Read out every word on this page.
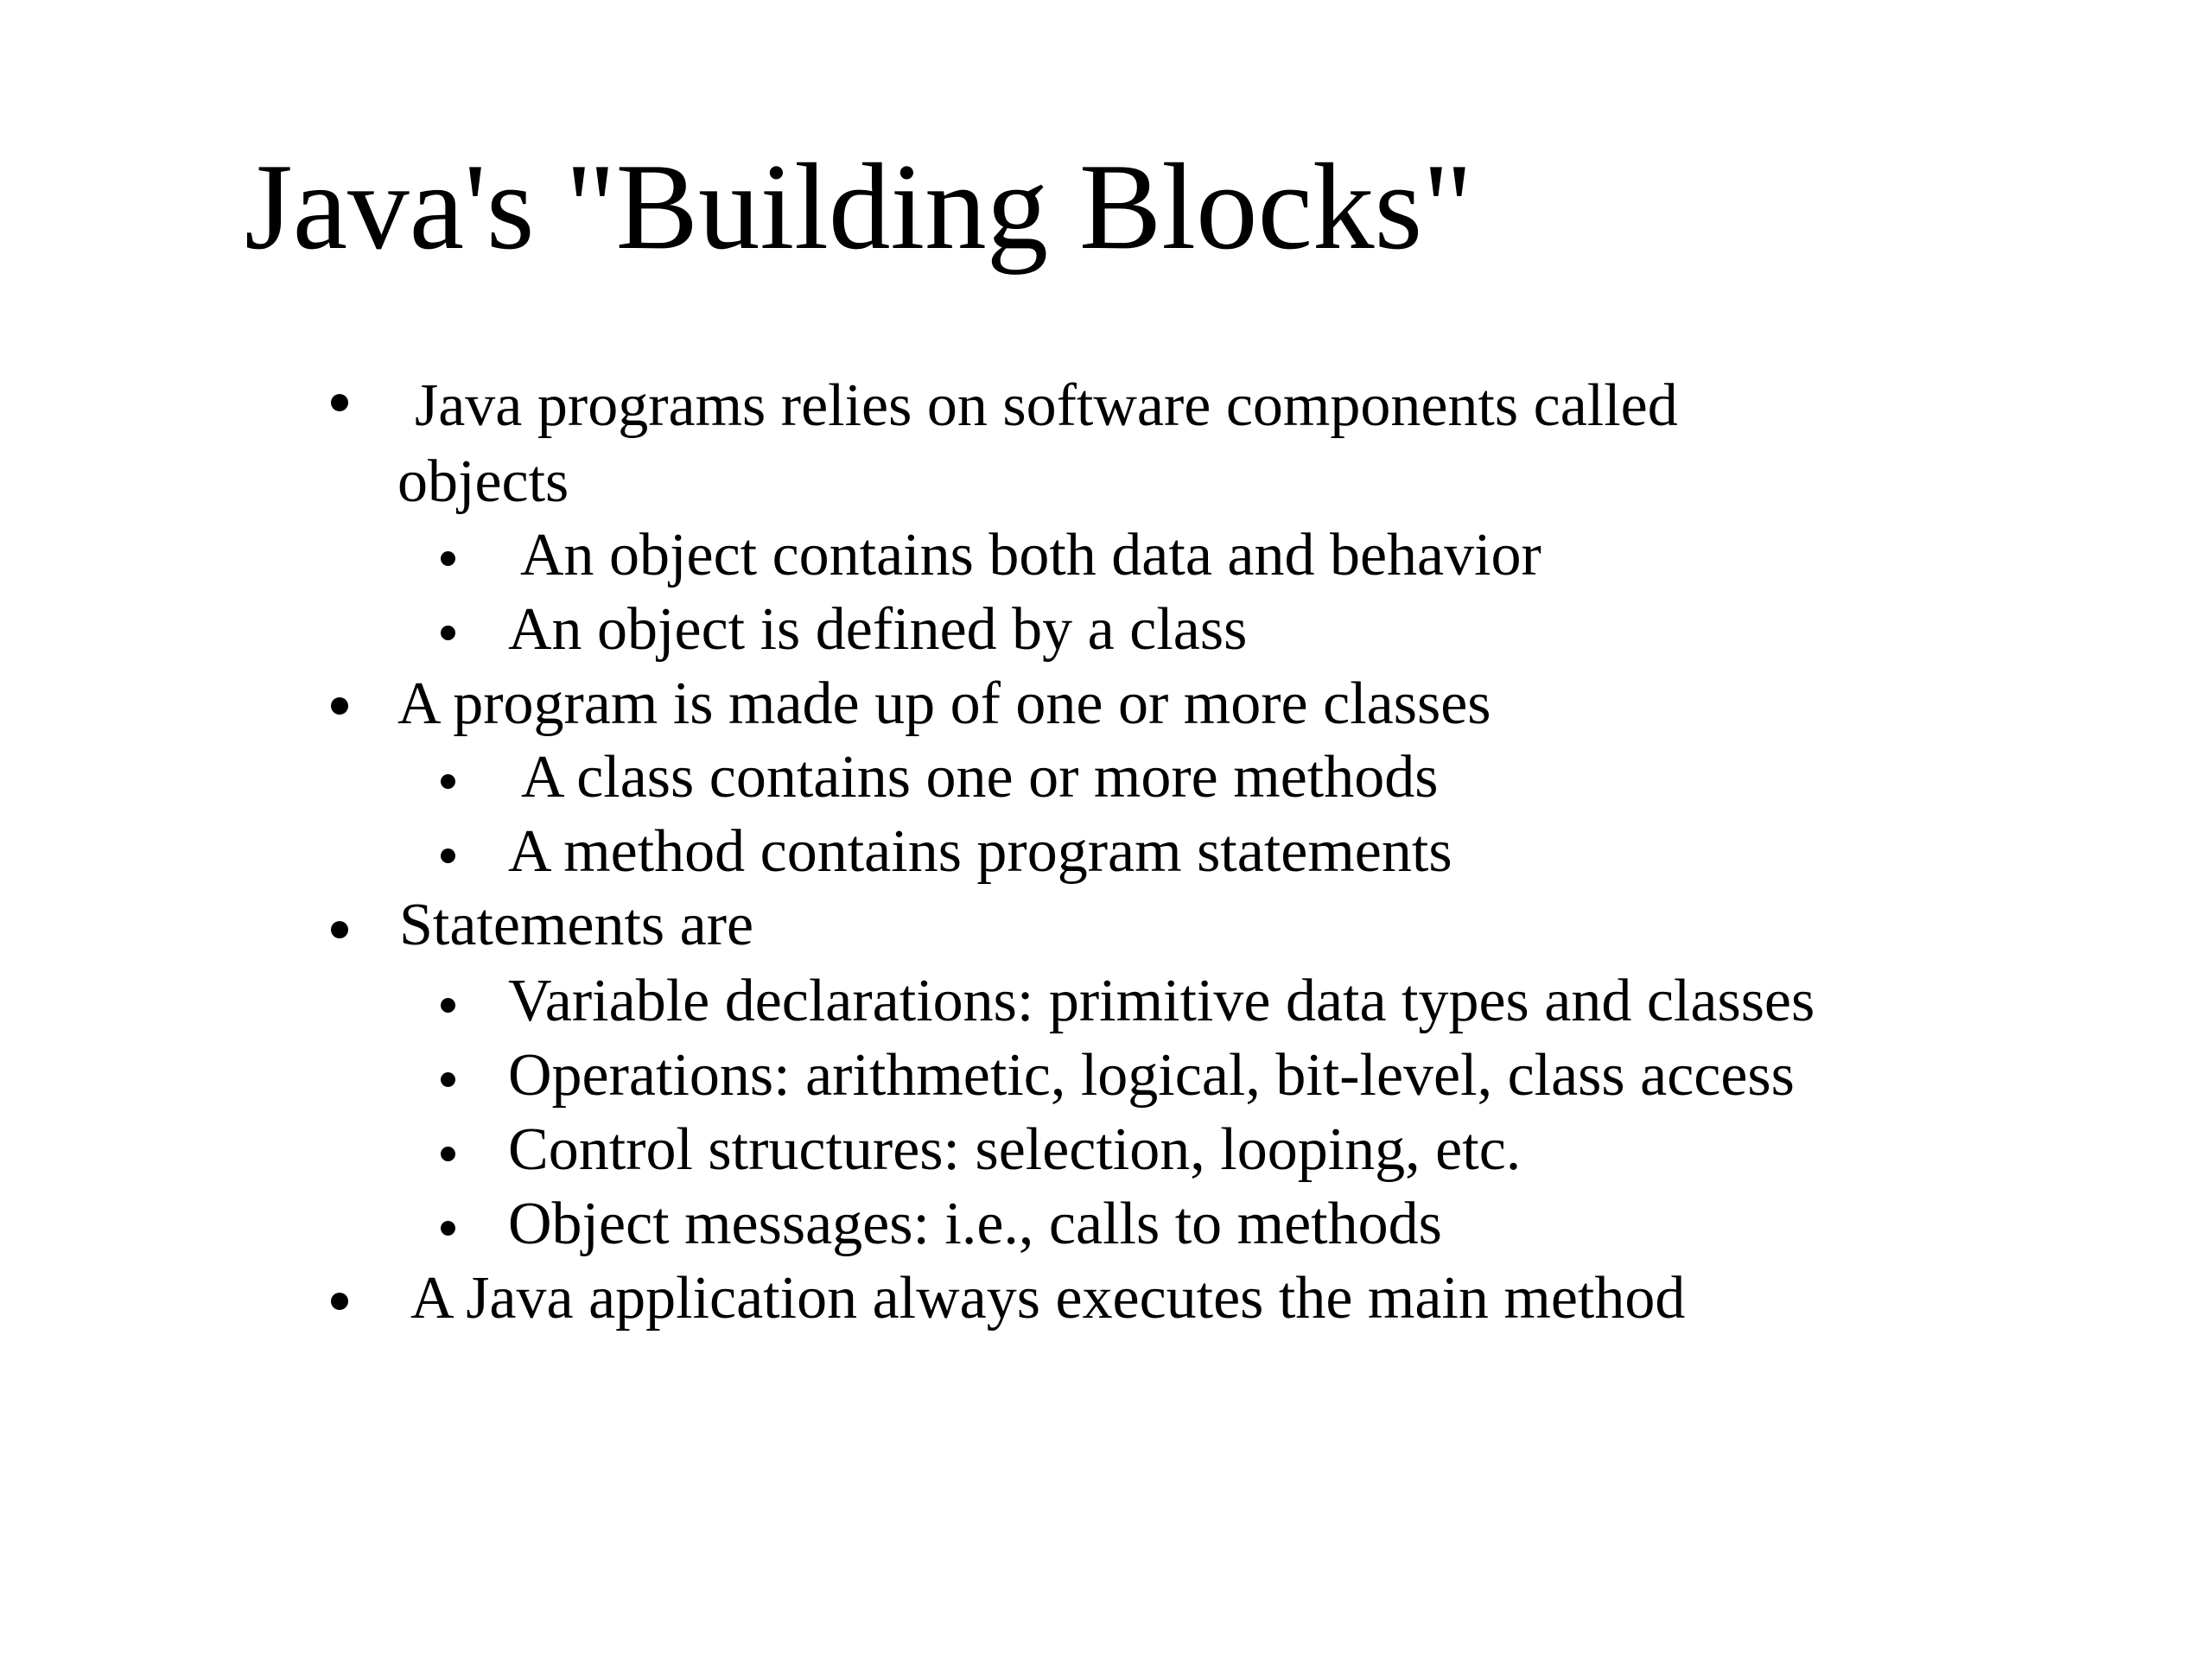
Java's "Building Blocks"
Java programs relies on software components called
objects
An object contains both data and behavior
An object is defined by a class
A program is made up of one or more classes
A class contains one or more methods
A method contains program statements
Statements are
Variable declarations: primitive data types and classes
Operations: arithmetic, logical, bit-level, class access
Control structures: selection, looping, etc.
Object messages: i.e., calls to methods
A Java application always executes the main method
